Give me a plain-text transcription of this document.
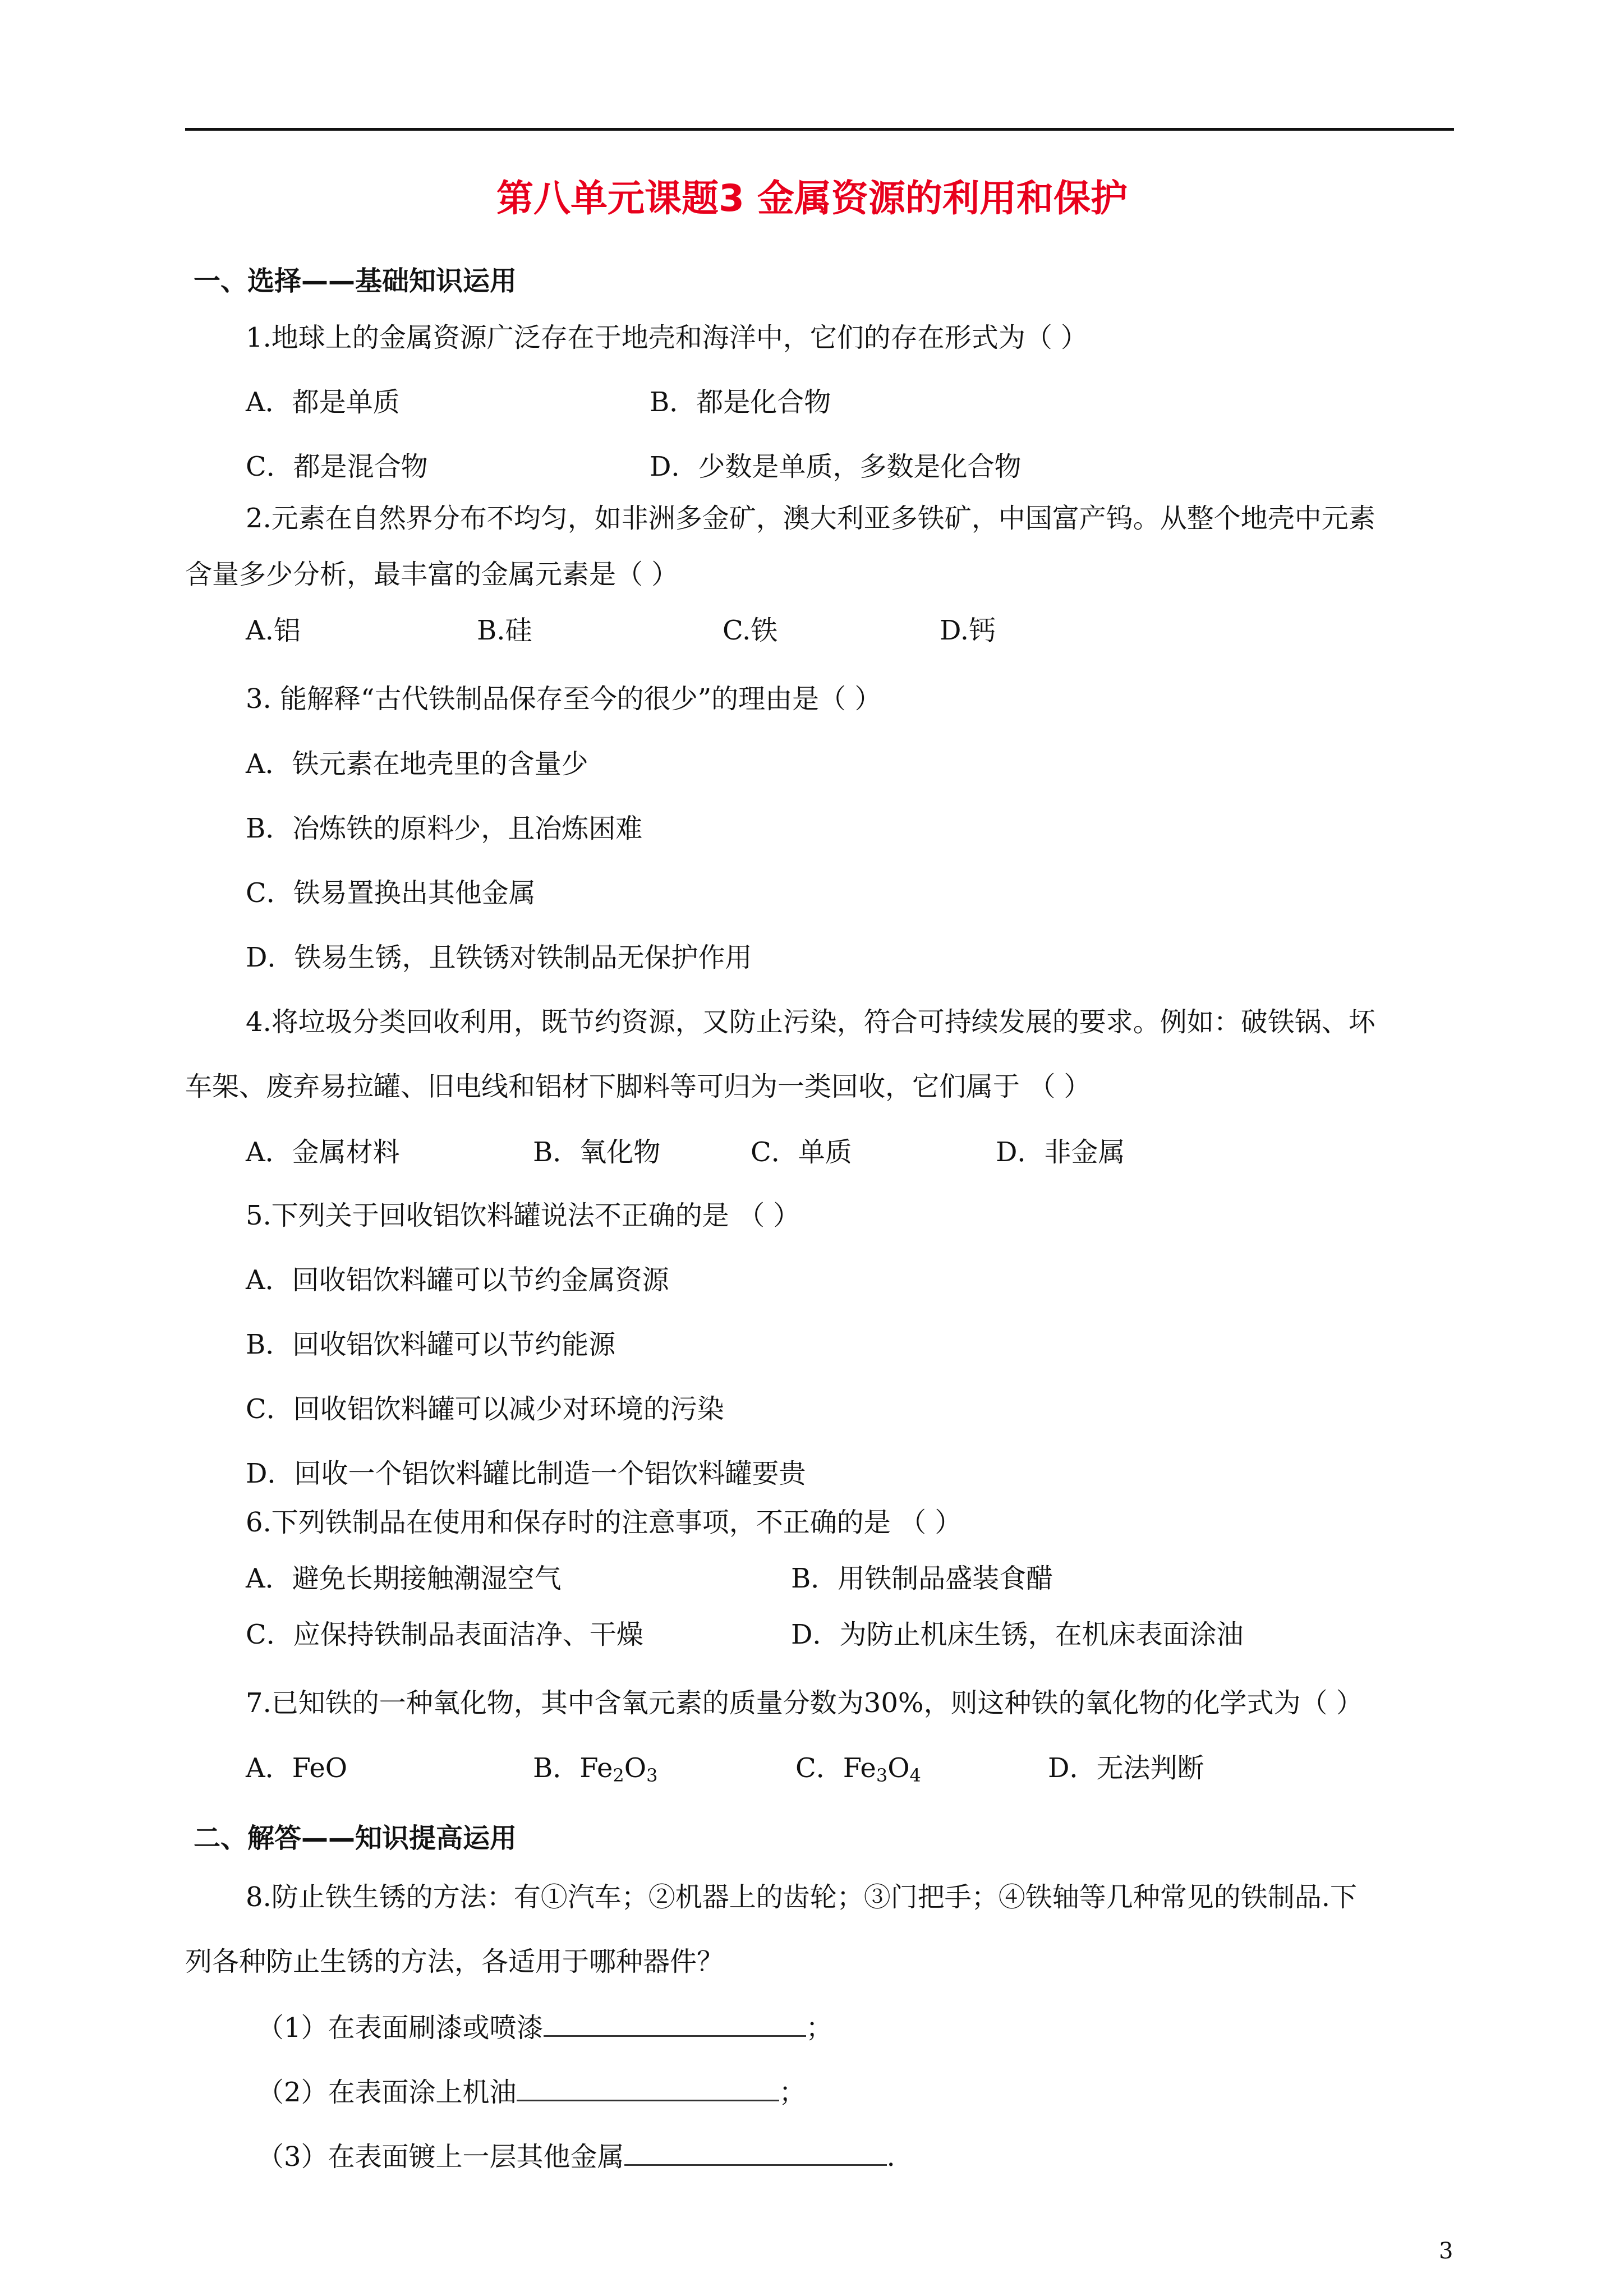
第八单元课题3 金属资源的利用和保护
一、选择——基础知识运用
1.地球上的金属资源广泛存在于地壳和海洋中，它们的存在形式为（ ）
A．都是单质	B．都是化合物
C．都是混合物	D．少数是单质，多数是化合物
2.元素在自然界分布不均匀，如非洲多金矿，澳大利亚多铁矿，中国富产钨。从整个地壳中元素
含量多少分析，最丰富的金属元素是（ ）
A.铝	B.硅	C.铁	D.钙
3. 能解释“古代铁制品保存至今的很少”的理由是（ ）
A．铁元素在地壳里的含量少
B．冶炼铁的原料少，且冶炼困难
C．铁易置换出其他金属
D．铁易生锈，且铁锈对铁制品无保护作用
4.将垃圾分类回收利用，既节约资源，又防止污染，符合可持续发展的要求。例如：破铁锅、坏
车架、废弃易拉罐、旧电线和铝材下脚料等可归为一类回收，它们属于 （ ）
A．金属材料	B．氧化物	C．单质	D．非金属
5.下列关于回收铝饮料罐说法不正确的是 （ ）
A．回收铝饮料罐可以节约金属资源
B．回收铝饮料罐可以节约能源
C．回收铝饮料罐可以减少对环境的污染
D．回收一个铝饮料罐比制造一个铝饮料罐要贵
6.下列铁制品在使用和保存时的注意事项，不正确的是 （ ）
A．避免长期接触潮湿空气	B．用铁制品盛装食醋
C．应保持铁制品表面洁净、干燥	D．为防止机床生锈，在机床表面涂油
7.已知铁的一种氧化物，其中含氧元素的质量分数为30%，则这种铁的氧化物的化学式为（ ）
A．FeO	B．$Fe_2O_3$	C．$Fe_3O_4$	D．无法判断
二、解答——知识提高运用
8.防止铁生锈的方法：有①汽车；②机器上的齿轮；③门把手；④铁轴等几种常见的铁制品.下
列各种防止生锈的方法，各适用于哪种器件？
（1）在表面刷漆或喷漆	；
（2）在表面涂上机油	；
（3）在表面镀上一层其他金属	.
3
